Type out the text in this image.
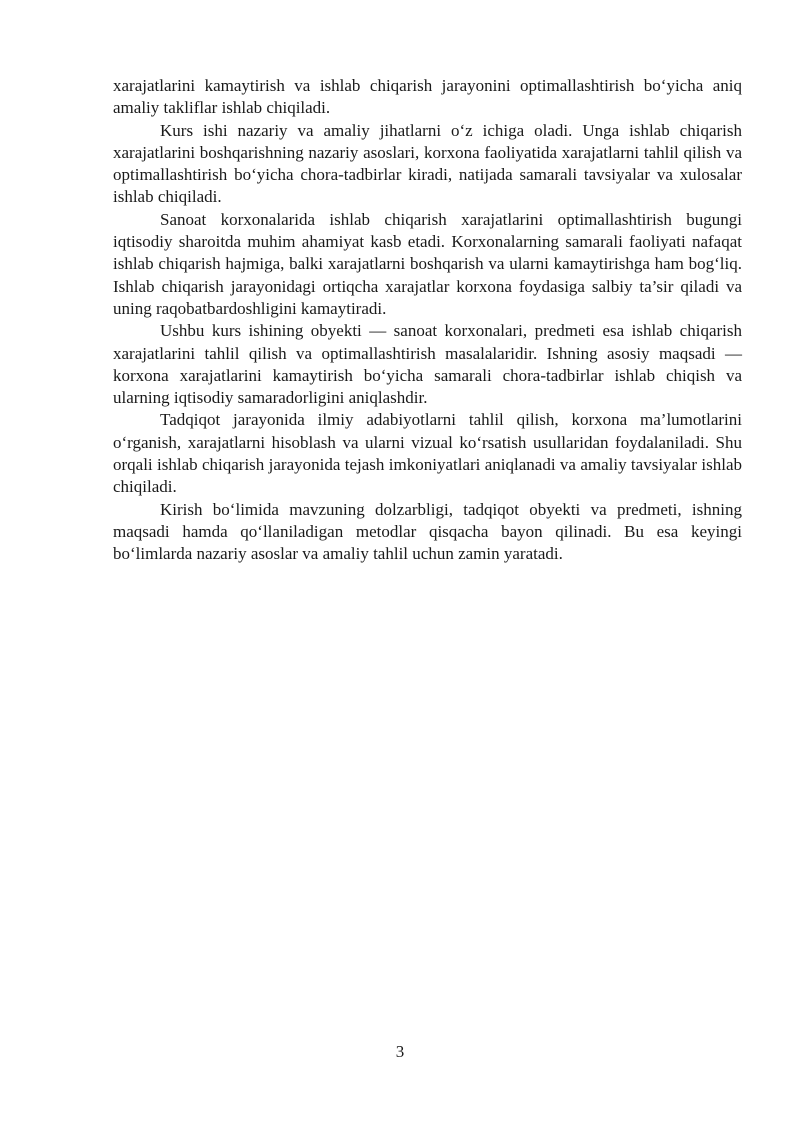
xarajatlarini kamaytirish va ishlab chiqarish jarayonini optimallashtirish bo‘yicha aniq amaliy takliflar ishlab chiqiladi.

Kurs ishi nazariy va amaliy jihatlarni o‘z ichiga oladi. Unga ishlab chiqarish xarajatlarini boshqarishning nazariy asoslari, korxona faoliyatida xarajatlarni tahlil qilish va optimallashtirish bo‘yicha chora-tadbirlar kiradi, natijada samarali tavsiyalar va xulosalar ishlab chiqiladi.

Sanoat korxonalarida ishlab chiqarish xarajatlarini optimallashtirish bugungi iqtisodiy sharoitda muhim ahamiyat kasb etadi. Korxonalarning samarali faoliyati nafaqat ishlab chiqarish hajmiga, balki xarajatlarni boshqarish va ularni kamaytirishga ham bog‘liq. Ishlab chiqarish jarayonidagi ortiqcha xarajatlar korxona foydasiga salbiy ta’sir qiladi va uning raqobatbardoshligini kamaytiradi.

Ushbu kurs ishining obyekti — sanoat korxonalari, predmeti esa ishlab chiqarish xarajatlarini tahlil qilish va optimallashtirish masalalaridir. Ishning asosiy maqsadi — korxona xarajatlarini kamaytirish bo‘yicha samarali chora-tadbirlar ishlab chiqish va ularning iqtisodiy samaradorligini aniqlashdir.

Tadqiqot jarayonida ilmiy adabiyotlarni tahlil qilish, korxona ma’lumotlarini o‘rganish, xarajatlarni hisoblash va ularni vizual ko‘rsatish usullaridan foydalaniladi. Shu orqali ishlab chiqarish jarayonida tejash imkoniyatlari aniqlanadi va amaliy tavsiyalar ishlab chiqiladi.

Kirish bo‘limida mavzuning dolzarbligi, tadqiqot obyekti va predmeti, ishning maqsadi hamda qo‘llaniladigan metodlar qisqacha bayon qilinadi. Bu esa keyingi bo‘limlarda nazariy asoslar va amaliy tahlil uchun zamin yaratadi.

3
